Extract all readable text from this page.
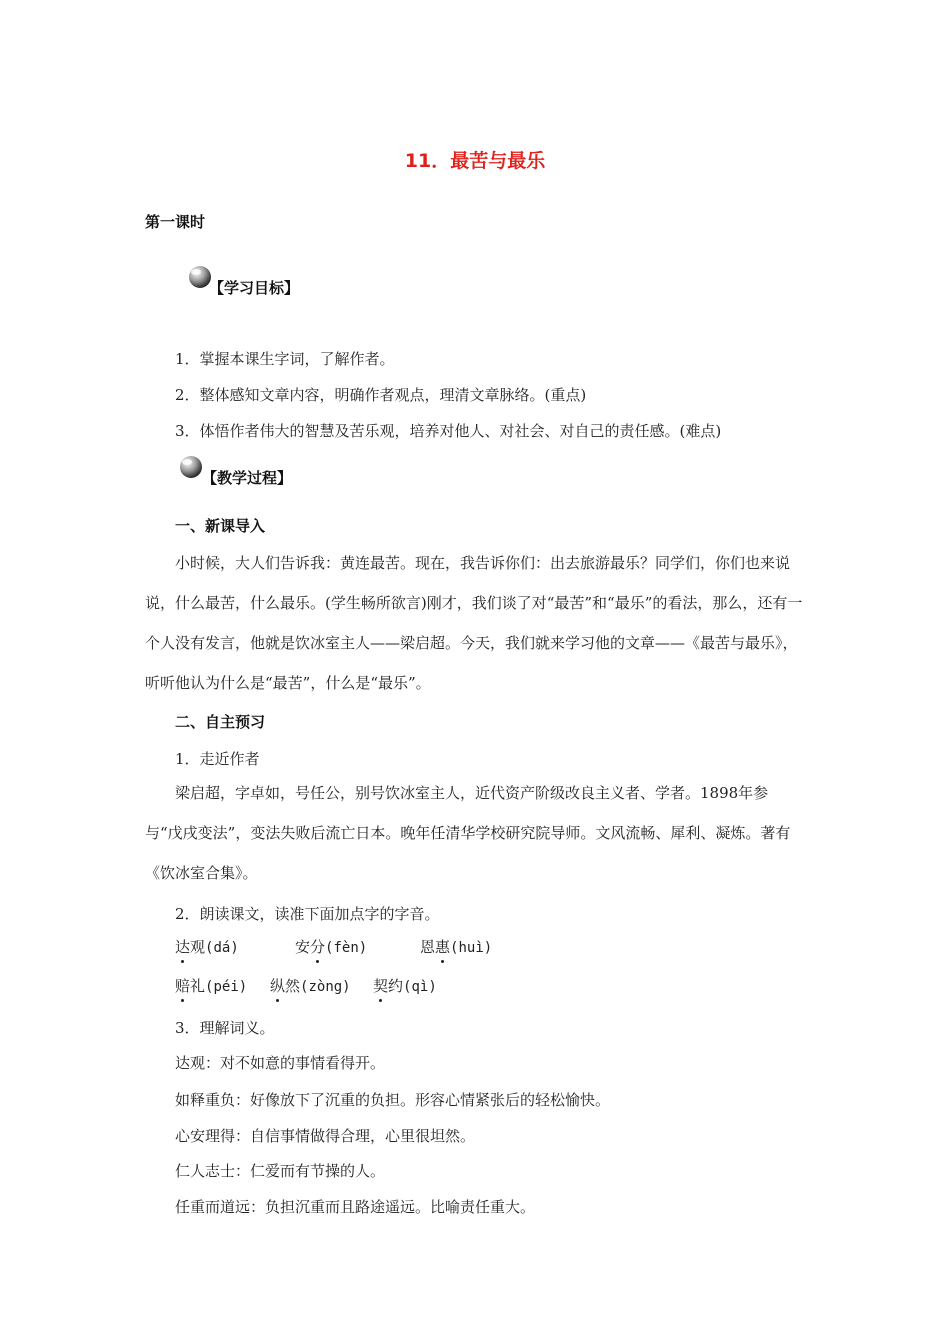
11．最苦与最乐
第一课时
【学习目标】
1．掌握本课生字词，了解作者。
2．整体感知文章内容，明确作者观点，理清文章脉络。(重点)
3．体悟作者伟大的智慧及苦乐观，培养对他人、对社会、对自己的责任感。(难点)
【教学过程】
一、新课导入

小时候，大人们告诉我：黄连最苦。现在，我告诉你们：出去旅游最乐？同学们，你们也来说说，什么最苦，什么最乐。(学生畅所欲言)刚才，我们谈了对“最苦”和“最乐”的看法，那么，还有一个人没有发言，他就是饮冰室主人——梁启超。今天，我们就来学习他的文章——《最苦与最乐》，听听他认为什么是“最苦”，什么是“最乐”。

二、自主预习
1．走近作者

梁启超，字卓如，号任公，别号饮冰室主人，近代资产阶级改良主义者、学者。1898年参与“戊戌变法”，变法失败后流亡日本。晚年任清华学校研究院导师。文风流畅、犀利、凝炼。著有《饮冰室合集》。

2．朗读课文，读准下面加点字的字音。
达观(dá)	安分(fèn)	恩惠(huì)
赔礼(péi) 纵然(zòng) 契约(qì)
3．理解词义。
达观：对不如意的事情看得开。
如释重负：好像放下了沉重的负担。形容心情紧张后的轻松愉快。
心安理得：自信事情做得合理，心里很坦然。
仁人志士：仁爱而有节操的人。
任重而道远：负担沉重而且路途遥远。比喻责任重大。
